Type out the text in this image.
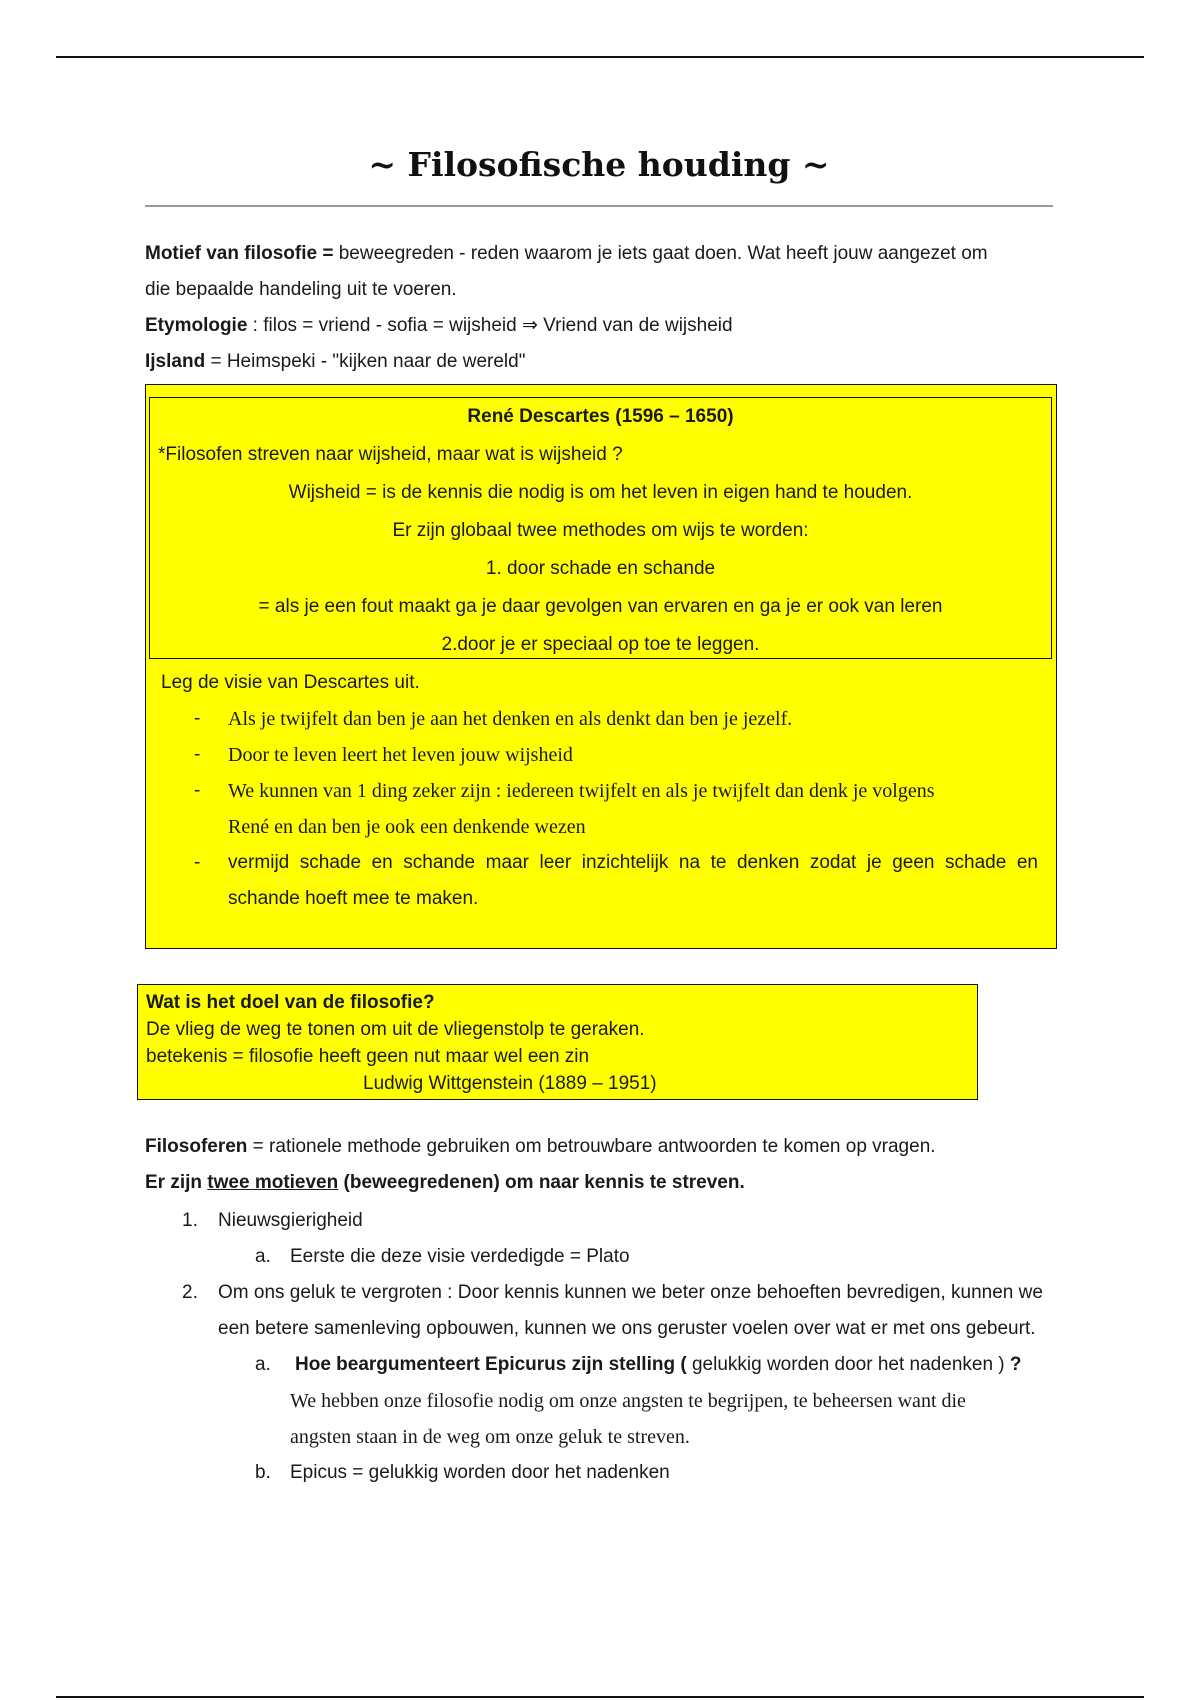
~ Filosofische houding ~
Motief van filosofie = beweegreden - reden waarom je iets gaat doen. Wat heeft jouw aangezet om
die bepaalde handeling uit te voeren.
Etymologie : filos = vriend - sofia = wijsheid ⇒ Vriend van de wijsheid
Ijsland = Heimspeki - "kijken naar de wereld"
René Descartes (1596 – 1650)
*Filosofen streven naar wijsheid, maar wat is wijsheid ?
Wijsheid = is de kennis die nodig is om het leven in eigen hand te houden.
Er zijn globaal twee methodes om wijs te worden:
1. door schade en schande
= als je een fout maakt ga je daar gevolgen van ervaren en ga je er ook van leren
2.door je er speciaal op toe te leggen.
Leg de visie van Descartes uit.
- Als je twijfelt dan ben je aan het denken en als denkt dan ben je jezelf.
- Door te leven leert het leven jouw wijsheid
- We kunnen van 1 ding zeker zijn : iedereen twijfelt en als je twijfelt dan denk je volgens
René en dan ben je ook een denkende wezen
- vermijd schade en schande maar leer inzichtelijk na te denken zodat je geen schade en
schande hoeft mee te maken.
Wat is het doel van de filosofie?
De vlieg de weg te tonen om uit de vliegenstolp te geraken.
betekenis = filosofie heeft geen nut maar wel een zin
Ludwig Wittgenstein (1889 – 1951)
Filosoferen = rationele methode gebruiken om betrouwbare antwoorden te komen op vragen.
Er zijn twee motieven (beweegredenen) om naar kennis te streven.
1. Nieuwsgierigheid
a. Eerste die deze visie verdedigde = Plato
2. Om ons geluk te vergroten : Door kennis kunnen we beter onze behoeften bevredigen, kunnen we
een betere samenleving opbouwen, kunnen we ons geruster voelen over wat er met ons gebeurt.
a. Hoe beargumenteert Epicurus zijn stelling ( gelukkig worden door het nadenken ) ?
We hebben onze filosofie nodig om onze angsten te begrijpen, te beheersen want die
angsten staan in de weg om onze geluk te streven.
b. Epicus = gelukkig worden door het nadenken
